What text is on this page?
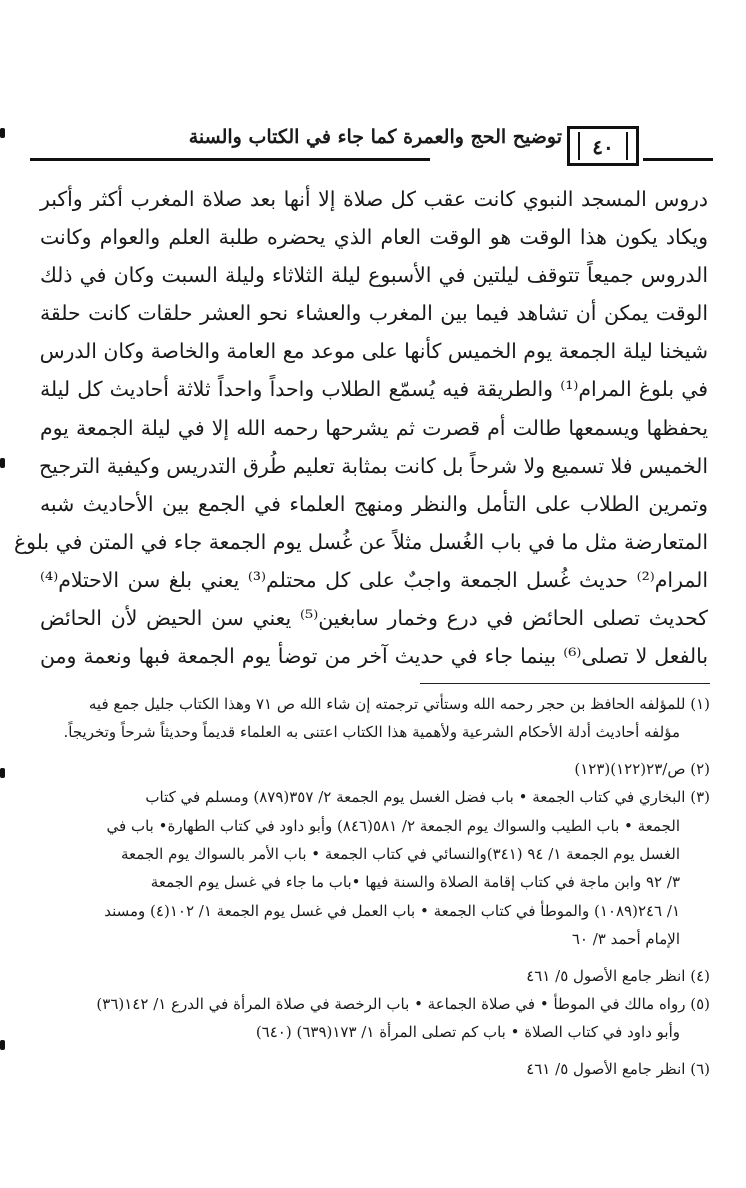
توضيح الحج والعمرة كما جاء في الكتاب والسنة	٤٠
دروس المسجد النبوي كانت عقب كل صلاة إلا أنها بعد صلاة المغرب أكثر وأكبر
ويكاد يكون هذا الوقت هو الوقت العام الذي يحضره طلبة العلم والعوام وكانت
الدروس جميعاً تتوقف ليلتين في الأسبوع ليلة الثلاثاء وليلة السبت وكان في ذلك
الوقت يمكن أن تشاهد فيما بين المغرب والعشاء نحو العشر حلقات كانت حلقة
شيخنا ليلة الجمعة يوم الخميس كأنها على موعد مع العامة والخاصة وكان الدرس
في بلوغ المرام⁽¹⁾ والطريقة فيه يُسمّع الطلاب واحداً واحداً ثلاثة أحاديث كل ليلة
يحفظها ويسمعها طالت أم قصرت ثم يشرحها رحمه الله إلا في ليلة الجمعة يوم
الخميس فلا تسميع ولا شرحاً بل كانت بمثابة تعليم طُرق التدريس وكيفية الترجيح
وتمرين الطلاب على التأمل والنظر ومنهج العلماء في الجمع بين الأحاديث شبه
المتعارضة مثل ما في باب الغُسل مثلاً عن غُسل يوم الجمعة جاء في المتن في بلوغ
المرام⁽²⁾ حديث غُسل الجمعة واجبٌ على كل محتلم⁽³⁾ يعني بلغ سن الاحتلام⁽⁴⁾
كحديث تصلى الحائض في درع وخمار سابغين⁽⁵⁾ يعني سن الحيض لأن الحائض
بالفعل لا تصلى⁽⁶⁾ بينما جاء في حديث آخر من توضأ يوم الجمعة فبها ونعمة ومن
(١) للمؤلفه الحافظ بن حجر رحمه الله وستأتي ترجمته إن شاء الله ص ٧١ وهذا الكتاب جليل جمع فيه
مؤلفه أحاديث أدلة الأحكام الشرعية ولأهمية هذا الكتاب اعتنى به العلماء قديماً وحديثاً شرحاً وتخريجاً.
(٢) ص/٢٣(١٢٢)(١٢٣)
(٣) البخاري في كتاب الجمعة • باب فضل الغسل يوم الجمعة ٢/ ٣٥٧(٨٧٩) ومسلم في كتاب
الجمعة • باب الطيب والسواك يوم الجمعة ٢/ ٥٨١(٨٤٦) وأبو داود في كتاب الطهارة• باب في
الغسل يوم الجمعة ١/ ٩٤ (٣٤١)والنسائي في كتاب الجمعة • باب الأمر بالسواك يوم الجمعة
٣/ ٩٢ وابن ماجة في كتاب إقامة الصلاة والسنة فيها •باب ما جاء في غسل يوم الجمعة
١/ ٢٤٦(١٠٨٩) والموطأ في كتاب الجمعة • باب العمل في غسل يوم الجمعة ١/ ١٠٢(٤) ومسند
الإمام أحمد ٣/ ٦٠
(٤) انظر جامع الأصول ٥/ ٤٦١
(٥) رواه مالك في الموطأ • في صلاة الجماعة • باب الرخصة في صلاة المرأة في الدرع ١/ ١٤٢(٣٦)
وأبو داود في كتاب الصلاة • باب كم تصلى المرأة ١/ ١٧٣(٦٣٩) (٦٤٠)
(٦) انظر جامع الأصول ٥/ ٤٦١
